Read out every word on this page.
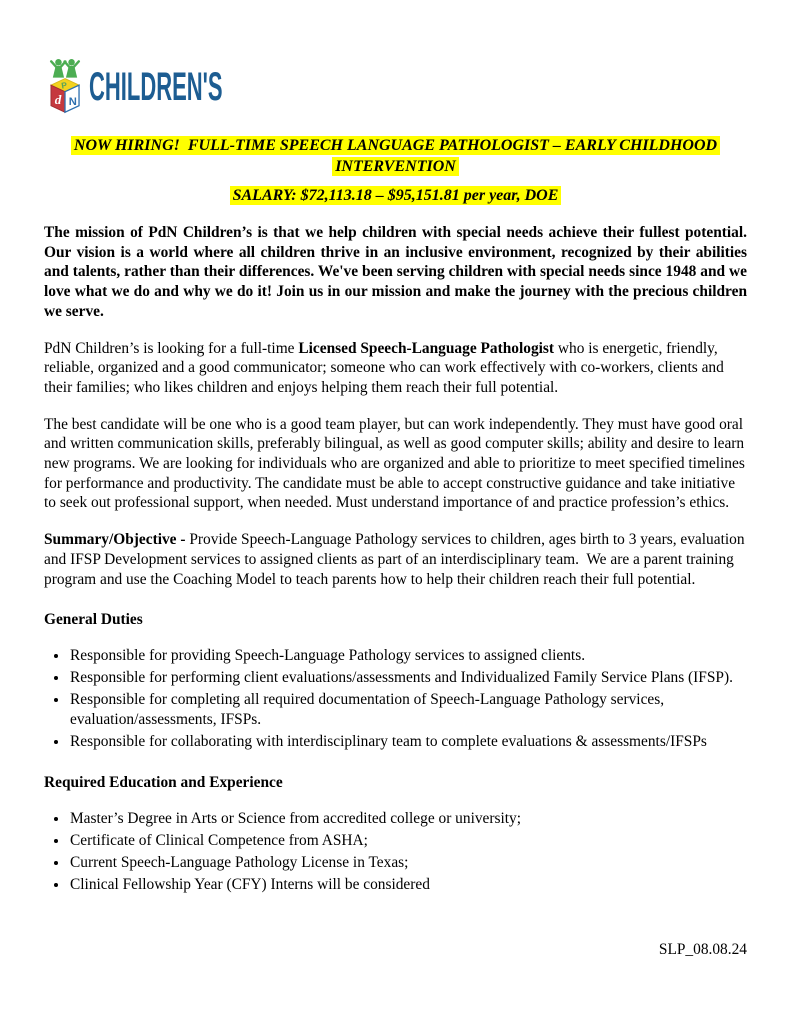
P
d N CHILDREN'S
NOW HIRING!  FULL-TIME SPEECH LANGUAGE PATHOLOGIST – EARLY CHILDHOOD INTERVENTION
SALARY: $72,113.18 – $95,151.81 per year, DOE

The mission of PdN Children’s is that we help children with special needs achieve their fullest potential. Our vision is a world where all children thrive in an inclusive environment, recognized by their abilities and talents, rather than their differences. We've been serving children with special needs since 1948 and we love what we do and why we do it! Join us in our mission and make the journey with the precious children we serve.

PdN Children’s is looking for a full-time Licensed Speech-Language Pathologist who is energetic, friendly, reliable, organized and a good communicator; someone who can work effectively with co-workers, clients and their families; who likes children and enjoys helping them reach their full potential.

The best candidate will be one who is a good team player, but can work independently. They must have good oral and written communication skills, preferably bilingual, as well as good computer skills; ability and desire to learn new programs. We are looking for individuals who are organized and able to prioritize to meet specified timelines for performance and productivity. The candidate must be able to accept constructive guidance and take initiative to seek out professional support, when needed. Must understand importance of and practice profession’s ethics.

Summary/Objective - Provide Speech-Language Pathology services to children, ages birth to 3 years, evaluation and IFSP Development services to assigned clients as part of an interdisciplinary team.  We are a parent training program and use the Coaching Model to teach parents how to help their children reach their full potential.

General Duties
• Responsible for providing Speech-Language Pathology services to assigned clients.
• Responsible for performing client evaluations/assessments and Individualized Family Service Plans (IFSP).
• Responsible for completing all required documentation of Speech-Language Pathology services, evaluation/assessments, IFSPs.
• Responsible for collaborating with interdisciplinary team to complete evaluations & assessments/IFSPs
Required Education and Experience
• Master’s Degree in Arts or Science from accredited college or university;
• Certificate of Clinical Competence from ASHA;
• Current Speech-Language Pathology License in Texas;
• Clinical Fellowship Year (CFY) Interns will be considered
SLP_08.08.24
